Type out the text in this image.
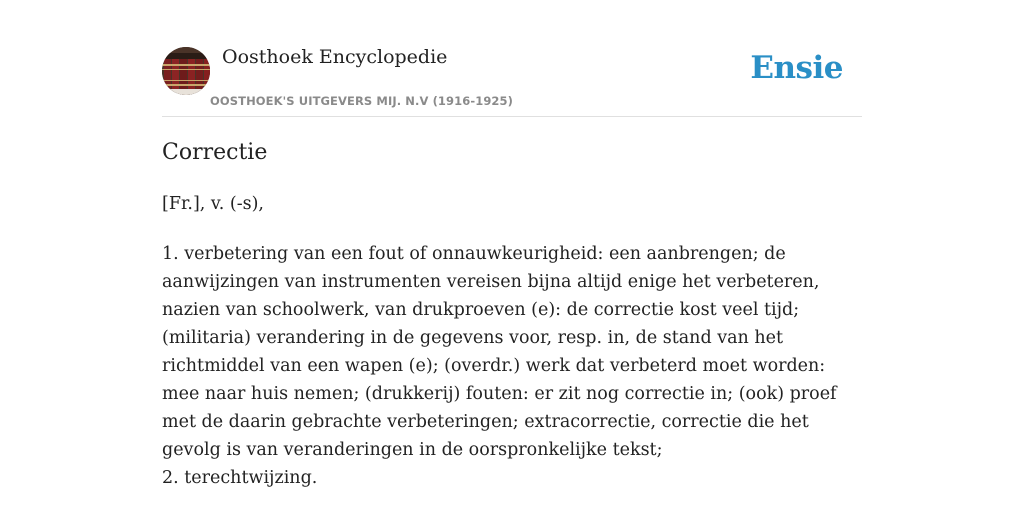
Oosthoek Encyclopedie
OOSTHOEK'S UITGEVERS MIJ. N.V (1916-1925)
Ensie
Correctie
[Fr.], v. (-s),

1. verbetering van een fout of onnauwkeurigheid: een aanbrengen; de aanwijzingen van instrumenten vereisen bijna altijd enige het verbeteren, nazien van schoolwerk, van drukproeven (e): de correctie kost veel tijd; (militaria) verandering in de gegevens voor, resp. in, de stand van het richtmiddel van een wapen (e); (overdr.) werk dat verbeterd moet worden: mee naar huis nemen; (drukkerij) fouten: er zit nog correctie in; (ook) proef met de daarin gebrachte verbeteringen; extracorrectie, correctie die het gevolg is van veranderingen in de oorspronkelijke tekst;

2. terechtwijzing.
